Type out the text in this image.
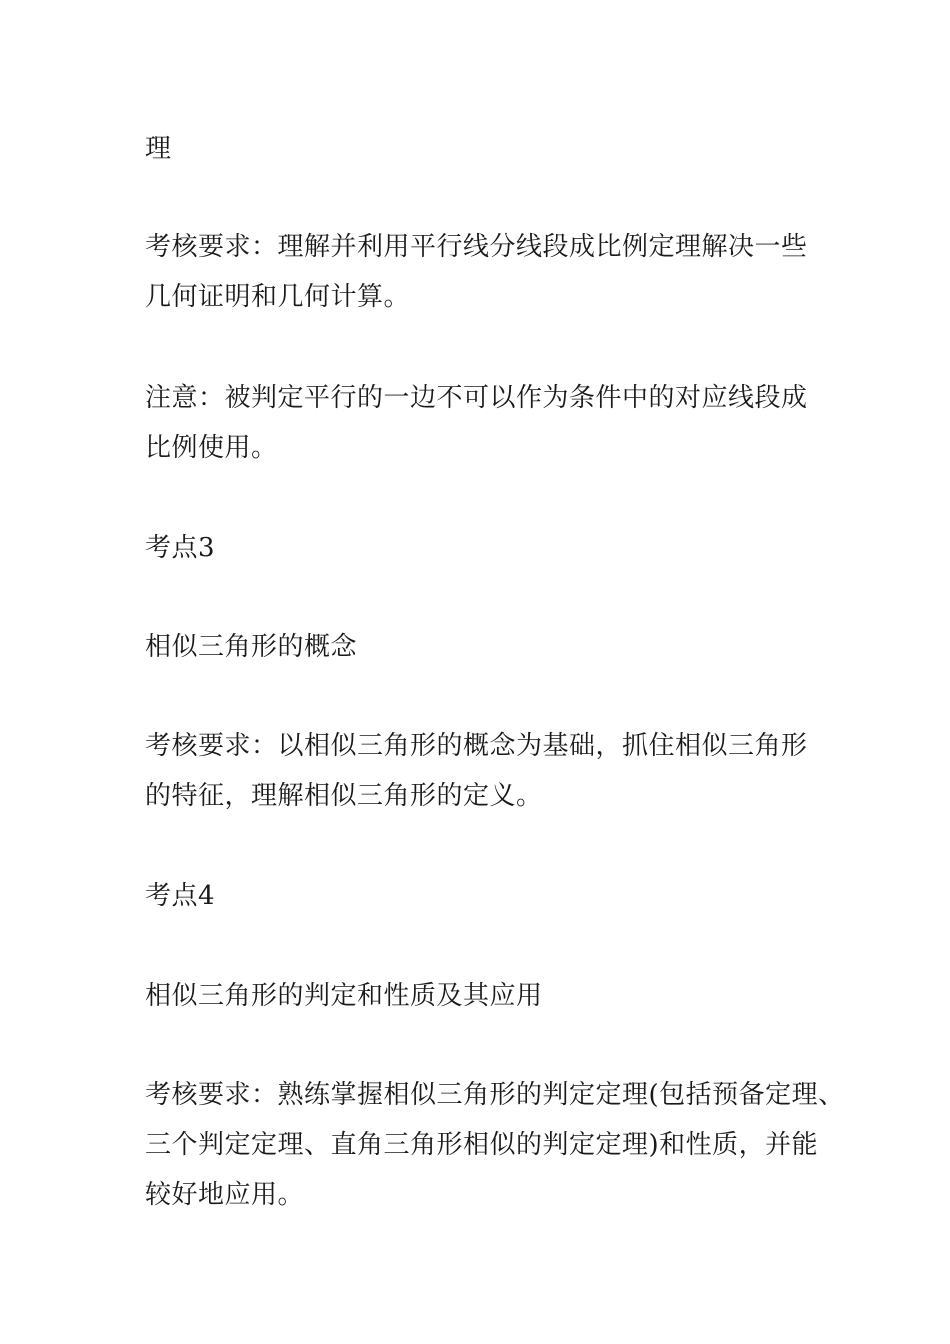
理

考核要求：理解并利用平行线分线段成比例定理解决一些
几何证明和几何计算。

注意：被判定平行的一边不可以作为条件中的对应线段成
比例使用。

考点3

相似三角形的概念

考核要求：以相似三角形的概念为基础，抓住相似三角形
的特征，理解相似三角形的定义。

考点4

相似三角形的判定和性质及其应用

考核要求：熟练掌握相似三角形的判定定理(包括预备定理、
三个判定定理、直角三角形相似的判定定理)和性质，并能
较好地应用。
